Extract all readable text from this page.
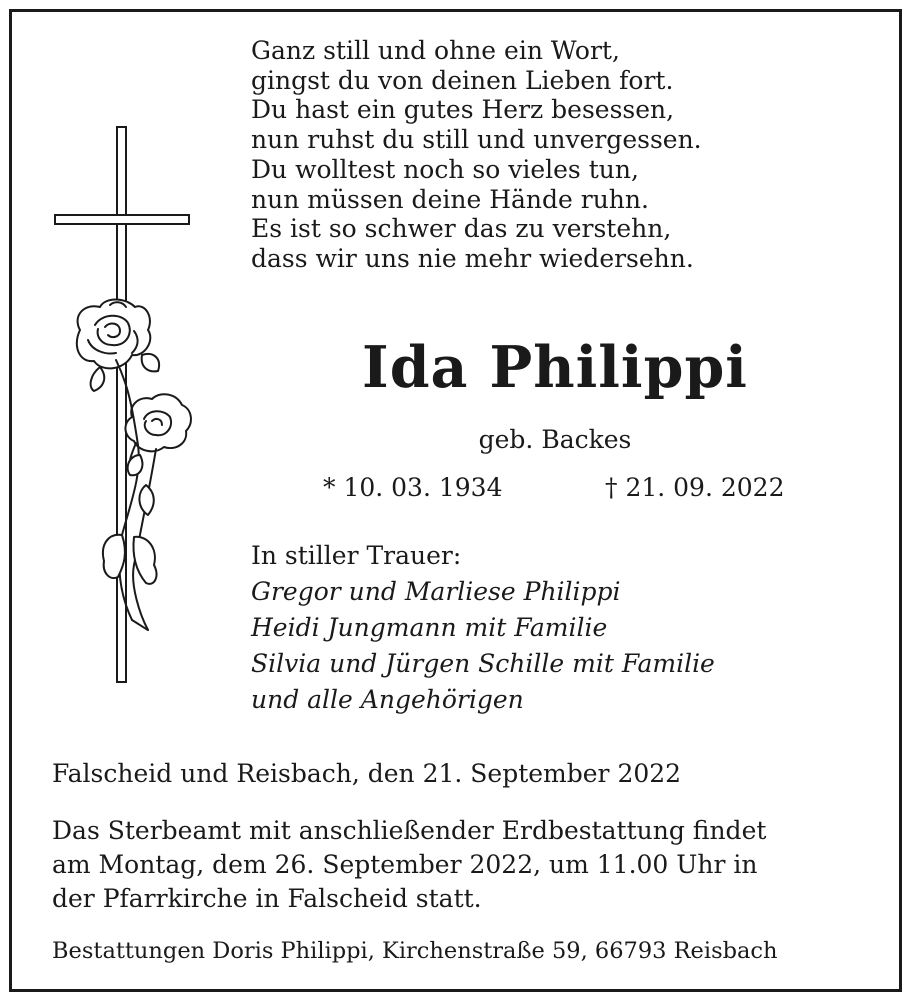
Ganz still und ohne ein Wort,
gingst du von deinen Lieben fort.
Du hast ein gutes Herz besessen,
nun ruhst du still und unvergessen.
Du wolltest noch so vieles tun,
nun müssen deine Hände ruhn.
Es ist so schwer das zu verstehn,
dass wir uns nie mehr wiedersehn.
Ida Philippi
geb. Backes
* 10. 03. 1934	† 21. 09. 2022
In stiller Trauer:
Gregor und Marliese Philippi
Heidi Jungmann mit Familie
Silvia und Jürgen Schille mit Familie
und alle Angehörigen
Falscheid und Reisbach, den 21. September 2022
Das Sterbeamt mit anschließender Erdbestattung findet
am Montag, dem 26. September 2022, um 11.00 Uhr in
der Pfarrkirche in Falscheid statt.
Bestattungen Doris Philippi, Kirchenstraße 59, 66793 Reisbach
